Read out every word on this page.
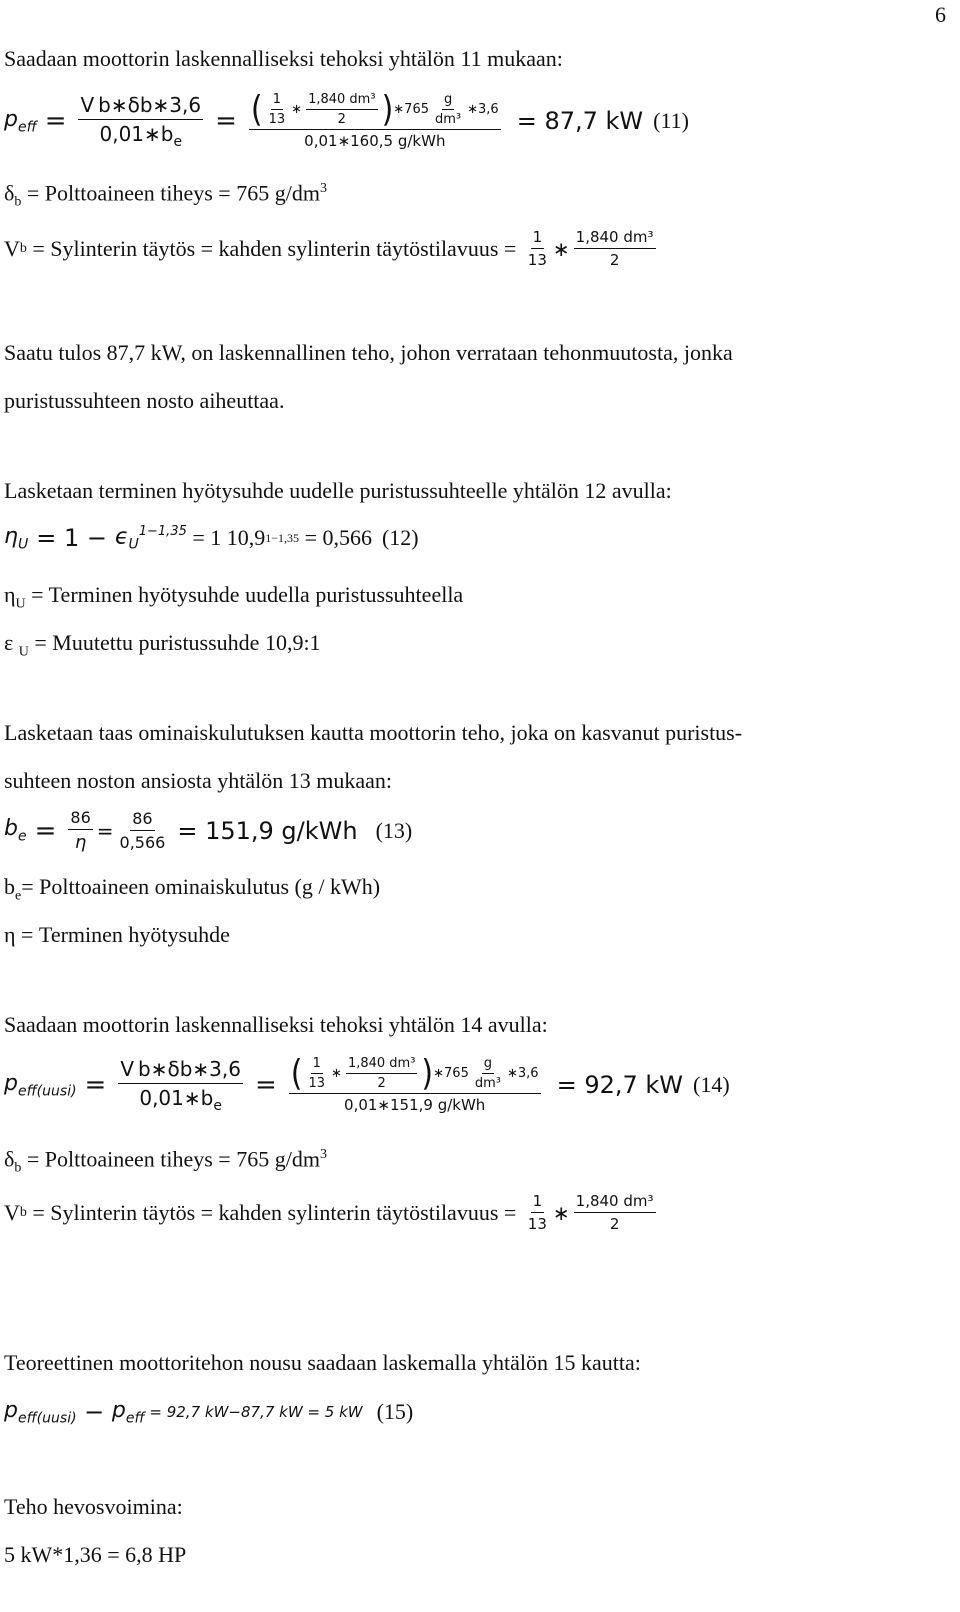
6
Saadaan moottorin laskennalliseksi tehoksi yhtälön 11 mukaan:
$p_{eff} = \frac{\text{V b∗δb∗3,6}}{0,01∗b_e}$ = ( $\frac{1}{13}$ ∗ $\frac{\text{1,840 dm³}}{2}$ ) ∗765 $\frac{g}{\text{dm³}}$ ∗3,6
0,01∗160,5 g/kWh
= 87,7 kW (11)
$\delta_b$ = Polttoaineen tiheys = 765 $g/dm^3$
V b = Sylinterin täytös = kahden sylinterin täytöstilavuus = $\frac{1}{13}$ ∗ $\frac{\text{1,840 dm³}}{2}$
Saatu tulos 87,7 kW, on laskennallinen teho, johon verrataan tehonmuutosta, jonka
puristussuhteen nosto aiheuttaa.
Lasketaan terminen hyötysuhde uudelle puristussuhteelle yhtälön 12 avulla:
$\eta_U = 1 - \epsilon_U^{1-1,35} = 1$ 10,9 1−1,35 = 0,566 (12)
$\eta_U$ = Terminen hyötysuhde uudella puristussuhteella
ε $_U$ = Muutettu puristussuhde 10,9:1
Lasketaan taas ominaiskulutuksen kautta moottorin teho, joka on kasvanut puristus-
suhteen noston ansiosta yhtälön 13 mukaan:
$b_e = \frac{86}{\eta} = \frac{86}{0,566} = 151,9$ g/kWh (13)
$b_e=$ Polttoaineen ominaiskulutus (g / kWh)
η = Terminen hyötysuhde
Saadaan moottorin laskennalliseksi tehoksi yhtälön 14 avulla:
$p_{eff(uusi)} = \frac{\text{V b∗δb∗3,6}}{0,01∗b_e}$ = ( $\frac{1}{13}$ ∗ $\frac{\text{1,840 dm³}}{2}$ ) ∗765 $\frac{g}{\text{dm³}}$ ∗3,6
0,01∗151,9 g/kWh
= 92,7 kW (14)
$\delta_b$ = Polttoaineen tiheys = 765 $g/dm^3$
V b = Sylinterin täytös = kahden sylinterin täytöstilavuus = $\frac{1}{13}$ ∗ $\frac{\text{1,840 dm³}}{2}$
Teoreettinen moottoritehon nousu saadaan laskemalla yhtälön 15 kautta:
$p_{eff(uusi)} - p_{eff} = 92,7$ kW−87,7 kW = 5 kW (15)
Teho hevosvoimina:
5 kW*1,36 = 6,8 HP
